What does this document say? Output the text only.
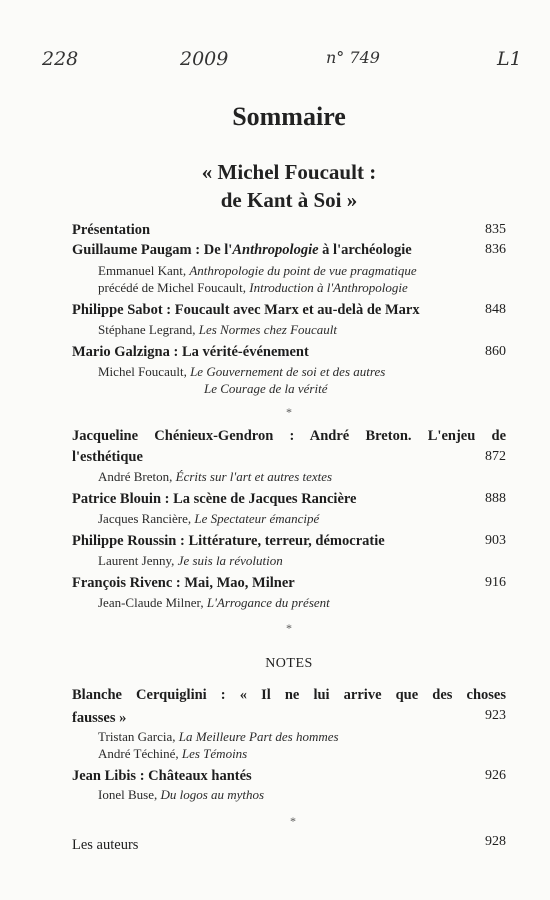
228	2009	n° 749	L1
Sommaire
« Michel Foucault :
de Kant à Soi »
Présentation	835
Guillaume Paugam : De l'Anthropologie à l'archéologie	836
Emmanuel Kant, Anthropologie du point de vue pragmatique
précédé de Michel Foucault, Introduction à l'Anthropologie
Philippe Sabot : Foucault avec Marx et au-delà de Marx	848
Stéphane Legrand, Les Normes chez Foucault
Mario Galzigna : La vérité-événement	860
Michel Foucault, Le Gouvernement de soi et des autres
Le Courage de la vérité
*
Jacqueline Chénieux-Gendron : André Breton. L'enjeu de
l'esthétique	872
André Breton, Écrits sur l'art et autres textes
Patrice Blouin : La scène de Jacques Rancière	888
Jacques Rancière, Le Spectateur émancipé
Philippe Roussin : Littérature, terreur, démocratie	903
Laurent Jenny, Je suis la révolution
François Rivenc : Mai, Mao, Milner	916
Jean-Claude Milner, L'Arrogance du présent
*
Blanche Cerquiglini : « Il ne lui arrive que des choses
fausses »	923
Tristan Garcia, La Meilleure Part des hommes
André Téchiné, Les Témoins
Jean Libis : Châteaux hantés	926
Ionel Buse, Du logos au mythos
*
Les auteurs	928
NOTES
